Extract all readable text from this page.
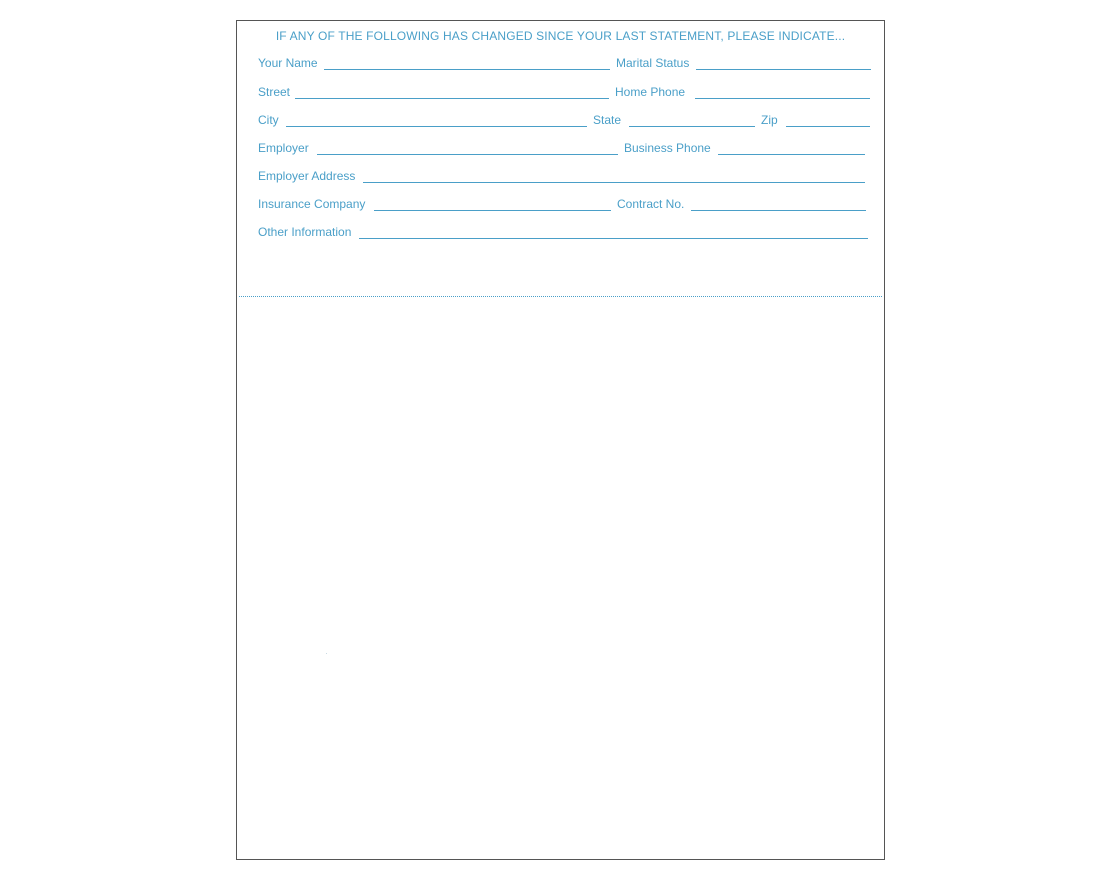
IF ANY OF THE FOLLOWING HAS CHANGED SINCE YOUR LAST STATEMENT, PLEASE INDICATE...
Your Name	Marital Status
Street	Home Phone
City	State	Zip
Employer	Business Phone
Employer Address
Insurance Company	Contract No.
Other Information
